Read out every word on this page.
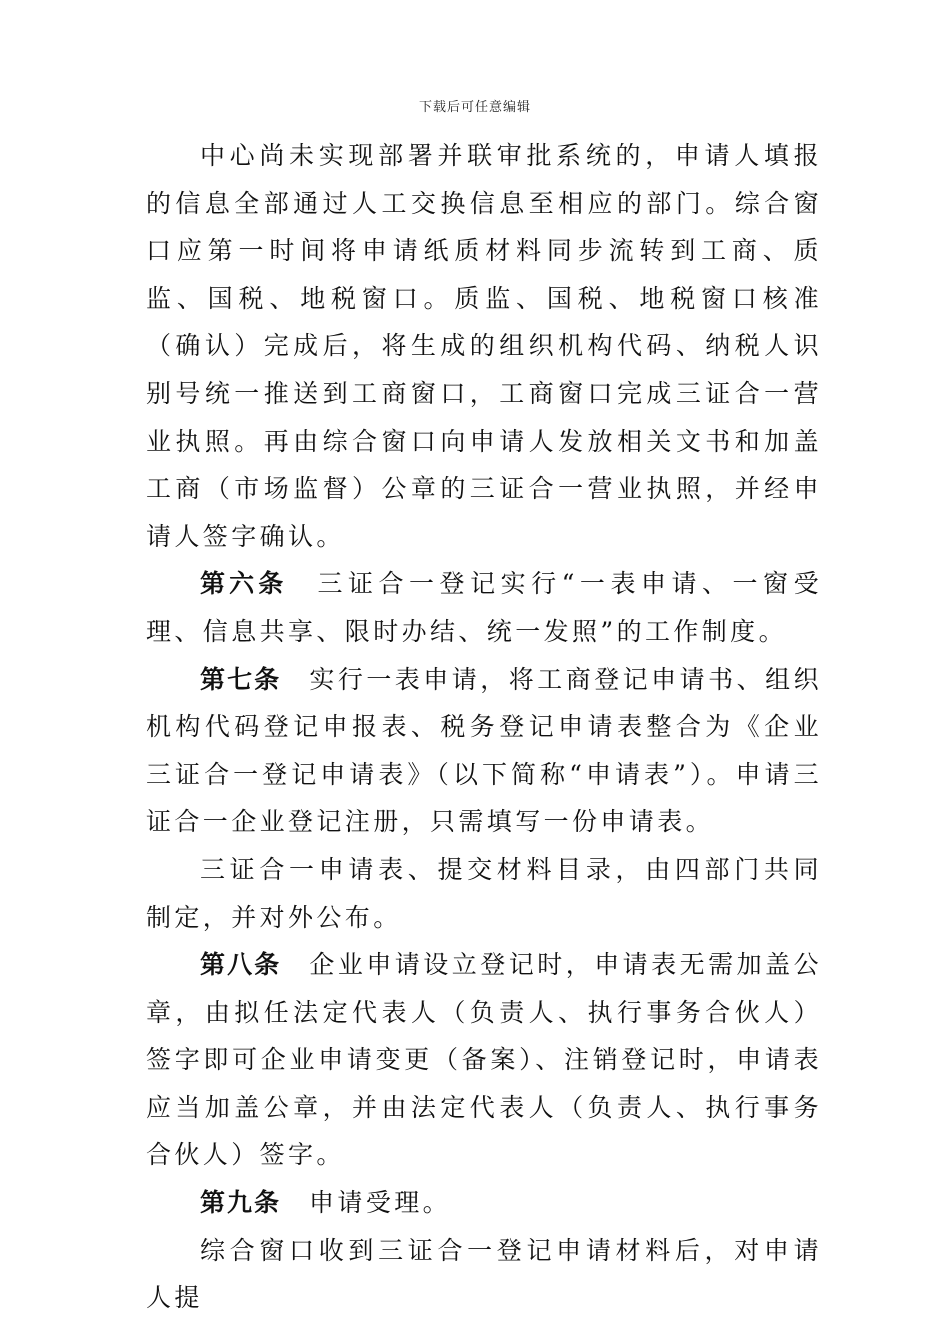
下载后可任意编辑

中心尚未实现部署并联审批系统的，申请人填报的信息全部通过人工交换信息至相应的部门。综合窗口应第一时间将申请纸质材料同步流转到工商、质监、国税、地税窗口。质监、国税、地税窗口核准（确认）完成后，将生成的组织机构代码、纳税人识别号统一推送到工商窗口，工商窗口完成三证合一营业执照。再由综合窗口向申请人发放相关文书和加盖工商（市场监督）公章的三证合一营业执照，并经申请人签字确认。

第六条 三证合一登记实行“一表申请、一窗受理、信息共享、限时办结、统一发照”的工作制度。

第七条 实行一表申请，将工商登记申请书、组织机构代码登记申报表、税务登记申请表整合为《企业三证合一登记申请表》（以下简称“申请表”）。申请三证合一企业登记注册，只需填写一份申请表。

三证合一申请表、提交材料目录，由四部门共同制定，并对外公布。

第八条 企业申请设立登记时，申请表无需加盖公章，由拟任法定代表人（负责人、执行事务合伙人）签字即可企业申请变更（备案）、注销登记时，申请表应当加盖公章，并由法定代表人（负责人、执行事务合伙人）签字。

第九条 申请受理。

综合窗口收到三证合一登记申请材料后，对申请人提
